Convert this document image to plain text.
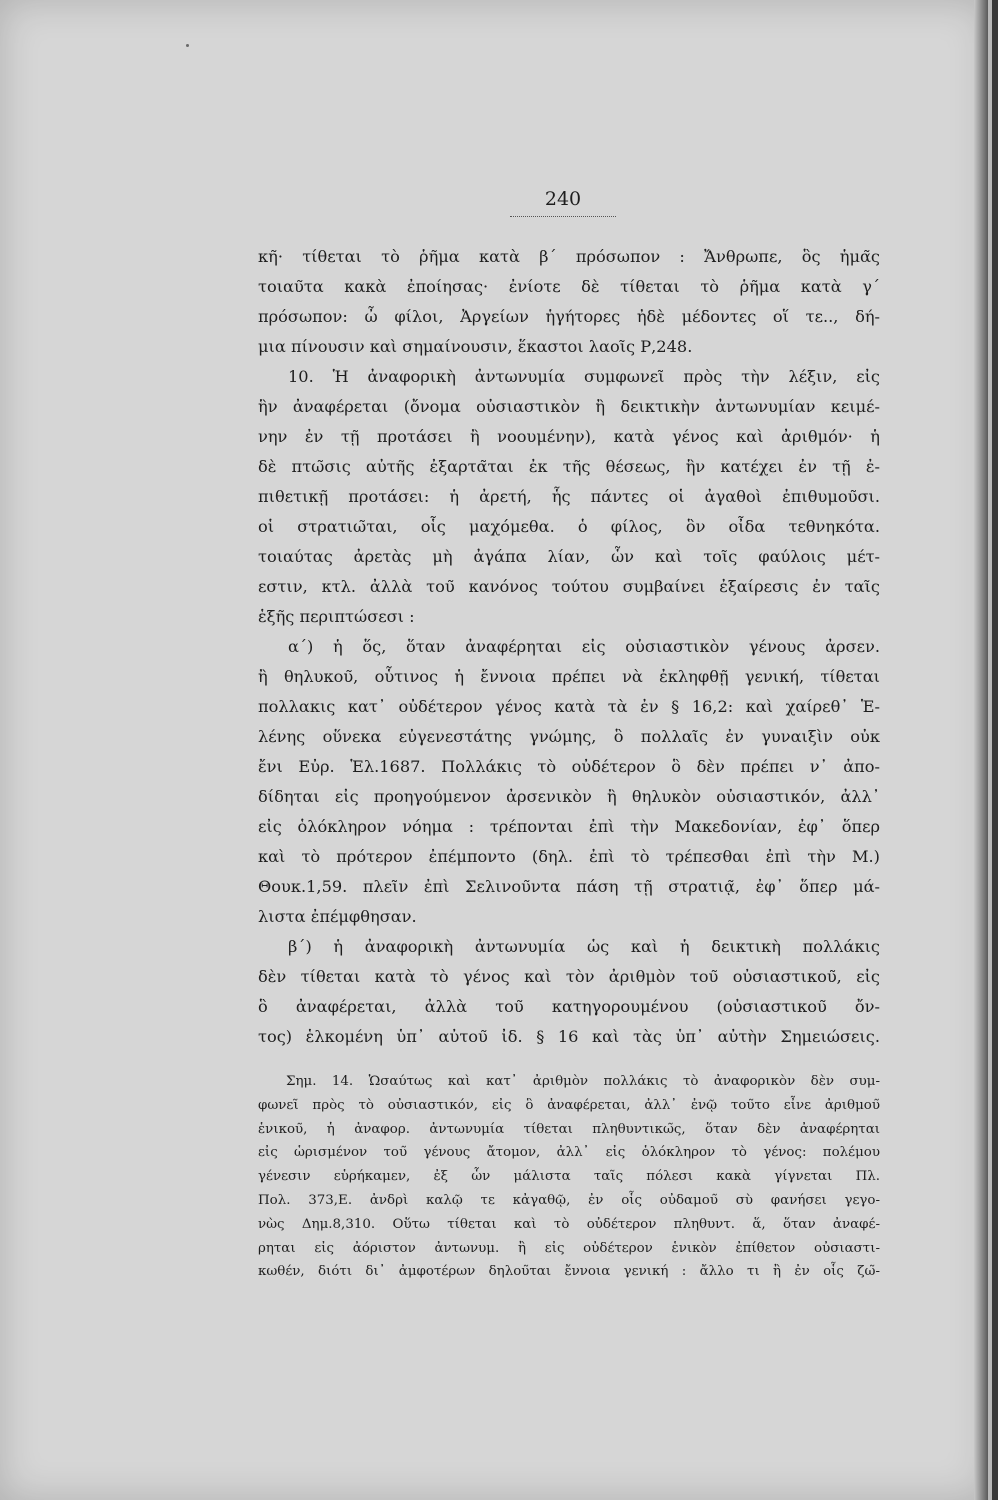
240
κη̃· τίθεται τὸ ῥη̃μα κατὰ β΄ πρόσωπον : Ἄνθρωπε, ὃς ἡμα̃ς
τοιαυ̃τα κακὰ ἐποίησας· ἐνίοτε δὲ τίθεται τὸ ῥη̃μα κατὰ γ΄
πρόσωπον: ὦ φίλοι, Ἀργείων ἡγήτορες ἠδὲ μέδοντες οἵ τε.., δή-
μια πίνουσιν καὶ σημαίνουσιν, ἕκαστοι λαοι̃ς Ρ,248.
10. Ἡ ἀναφορικὴ ἀντωνυμία συμφωνει̃ πρὸς τὴν λέξιν, εἰς
ἣν ἀναφέρεται (ὄνομα οὐσιαστικὸν ἢ δεικτικὴν ἀντωνυμίαν κειμέ-
νην ἐν τῃ̃ προτάσει ἢ νοουμένην), κατὰ γένος καὶ ἀριθμόν· ἡ
δὲ πτω̃σις αὐτη̃ς ἐξαρτα̃ται ἐκ τη̃ς θέσεως, ἣν κατέχει ἐν τῃ̃ ἐ-
πιθετικῃ̃ προτάσει: ἡ ἀρετή, ἧς πάντες οἱ ἀγαθοὶ ἐπιθυμου̃σι.
οἱ στρατιω̃ται, οἷς μαχόμεθα. ὁ φίλος, ὃν οἶδα τεθνηκότα.
τοιαύτας ἀρετὰς μὴ ἀγάπα λίαν, ὧν καὶ τοι̃ς φαύλοις μέτ-
εστιν, κτλ. ἀλλὰ του̃ κανόνος τούτου συμβαίνει ἐξαίρεσις ἐν ται̃ς
ἑξη̃ς περιπτώσεσι :
α΄) ἡ ὅς, ὅταν ἀναφέρηται εἰς οὐσιαστικὸν γένους ἀρσεν.
ἢ θηλυκου̃, οὗτινος ἡ ἔννοια πρέπει νὰ ἐκληφθῃ̃ γενική, τίθεται
πολλακις κατ᾽ οὐδέτερον γένος κατὰ τὰ ἐν § 16,2: καὶ χαίρεθ᾽ Ἑ-
λένης οὕνεκα εὐγενεστάτης γνώμης, ὃ πολλαι̃ς ἐν γυναιξὶν οὐκ
ἔνι Εὐρ. Ἑλ.1687. Πολλάκις τὸ οὐδέτερον ὃ δὲν πρέπει ν᾽ ἀπο-
δίδηται εἰς προηγούμενον ἀρσενικὸν ἢ θηλυκὸν οὐσιαστικόν, ἀλλ᾽
εἰς ὁλόκληρον νόημα : τρέπονται ἐπὶ τὴν Μακεδονίαν, ἐφ᾽ ὅπερ
καὶ τὸ πρότερον ἐπέμποντο (δηλ. ἐπὶ τὸ τρέπεσθαι ἐπὶ τὴν Μ.)
Θουκ.1,59. πλει̃ν ἐπὶ Σελινου̃ντα πάση τῃ̃ στρατιᾳ̃, ἐφ᾽ ὅπερ μά-
λιστα ἐπέμφθησαν.
β΄) ἡ ἀναφορικὴ ἀντωνυμία ὡς καὶ ἡ δεικτικὴ πολλάκις
δὲν τίθεται κατὰ τὸ γένος καὶ τὸν ἀριθμὸν του̃ οὐσιαστικου̃, εἰς
ὃ ἀναφέρεται, ἀλλὰ του̃ κατηγορουμένου (οὐσιαστικου̃ ὄν-
τος) ἑλκομένη ὑπ᾽ αὐτου̃ ἰδ. § 16 καὶ τὰς ὑπ᾽ αὐτὴν Σημειώσεις.
Σημ. 14. Ὡσαύτως καὶ κατ᾽ ἀριθμὸν πολλάκις τὸ ἀναφορικὸν δὲν συμ-
φωνει̃ πρὸς τὸ οὐσιαστικόν, εἰς ὃ ἀναφέρεται, ἀλλ᾽ ἐνῷ του̃το εἶνε ἀριθμου̃
ἑνικου̃, ἡ ἀναφορ. ἀντωνυμία τίθεται πληθυντικω̃ς, ὅταν δὲν ἀναφέρηται
εἰς ὡρισμένον του̃ γένους ἄτομον, ἀλλ᾽ εἰς ὁλόκληρον τὸ γένος: πολέμου
γένεσιν εὑρήκαμεν, ἐξ ὧν μάλιστα ται̃ς πόλεσι κακὰ γίγνεται Πλ.
Πολ. 373,Ε. ἀνδρὶ καλῷ τε κἀγαθῷ, ἐν οἷς οὐδαμου̃ σὺ φανήσει γεγο-
νὼς Δημ.8,310. Οὕτω τίθεται καὶ τὸ οὐδέτερον πληθυντ. ἅ, ὅταν ἀναφέ-
ρηται εἰς ἀόριστον ἀντωνυμ. ἢ εἰς οὐδέτερον ἑνικὸν ἐπίθετον οὐσιαστι-
κωθέν, διότι δι᾽ ἀμφοτέρων δηλου̃ται ἔννοια γενική : ἄλλο τι ἢ ἐν οἷς ζω̃-
